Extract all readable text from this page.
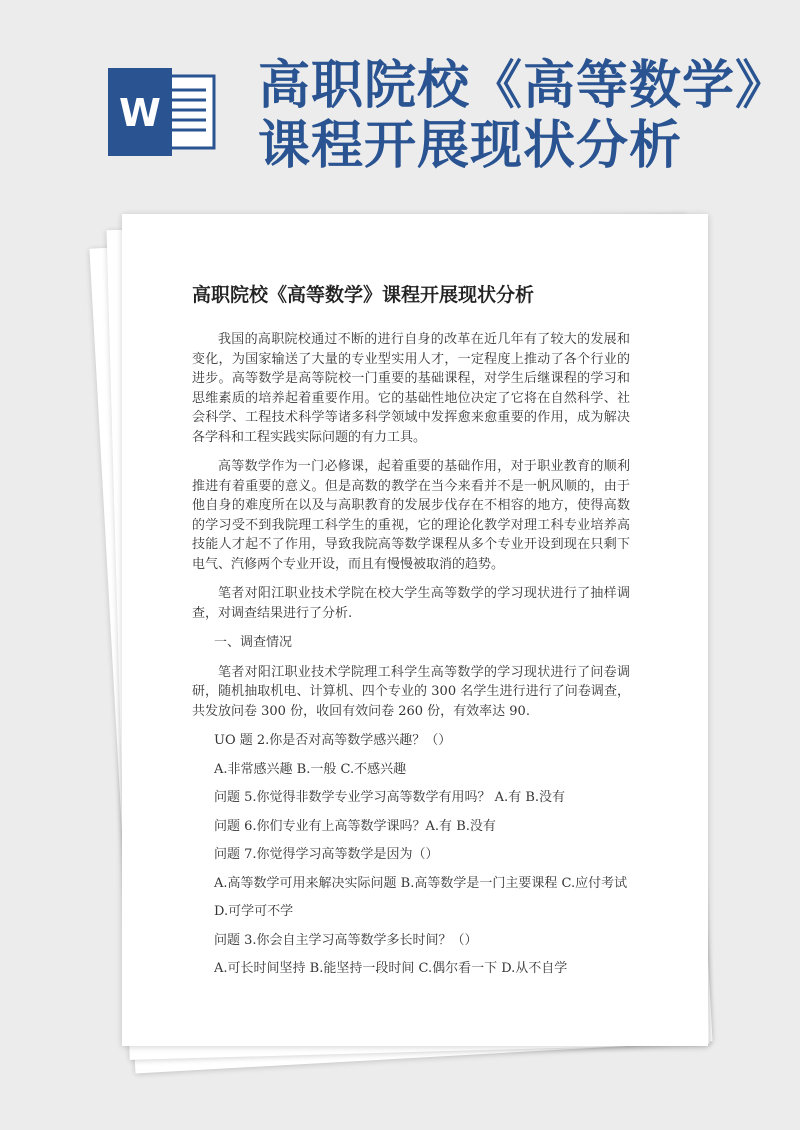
W 高职院校《高等数学》课程开展现状分析
高职院校《高等数学》课程开展现状分析

我国的高职院校通过不断的进行自身的改革在近几年有了较大的发展和变化，为国家输送了大量的专业型实用人才，一定程度上推动了各个行业的进步。高等数学是高等院校一门重要的基础课程，对学生后继课程的学习和思维素质的培养起着重要作用。它的基础性地位决定了它将在自然科学、社会科学、工程技术科学等诸多科学领域中发挥愈来愈重要的作用，成为解决各学科和工程实践实际问题的有力工具。

高等数学作为一门必修课，起着重要的基础作用，对于职业教育的顺利推进有着重要的意义。但是高数的教学在当今来看并不是一帆风顺的，由于他自身的难度所在以及与高职教育的发展步伐存在不相容的地方，使得高数的学习受不到我院理工科学生的重视，它的理论化教学对理工科专业培养高技能人才起不了作用，导致我院高等数学课程从多个专业开设到现在只剩下电气、汽修两个专业开设，而且有慢慢被取消的趋势。

笔者对阳江职业技术学院在校大学生高等数学的学习现状进行了抽样调查，对调查结果进行了分析.

一、调查情况

笔者对阳江职业技术学院理工科学生高等数学的学习现状进行了问卷调研，随机抽取机电、计算机、四个专业的 300 名学生进行进行了问卷调查，共发放问卷 300 份，收回有效问卷 260 份，有效率达 90.

UO 题 2.你是否对高等数学感兴趣？（）

A.非常感兴趣 B.一般 C.不感兴趣

问题 5.你觉得非数学专业学习高等数学有用吗？ A.有 B.没有

问题 6.你们专业有上高等数学课吗？A.有 B.没有

问题 7.你觉得学习高等数学是因为（）

A.高等数学可用来解决实际问题 B.高等数学是一门主要课程 C.应付考试

D.可学可不学

问题 3.你会自主学习高等数学多长时间？（）

A.可长时间坚持 B.能坚持一段时间 C.偶尔看一下 D.从不自学
